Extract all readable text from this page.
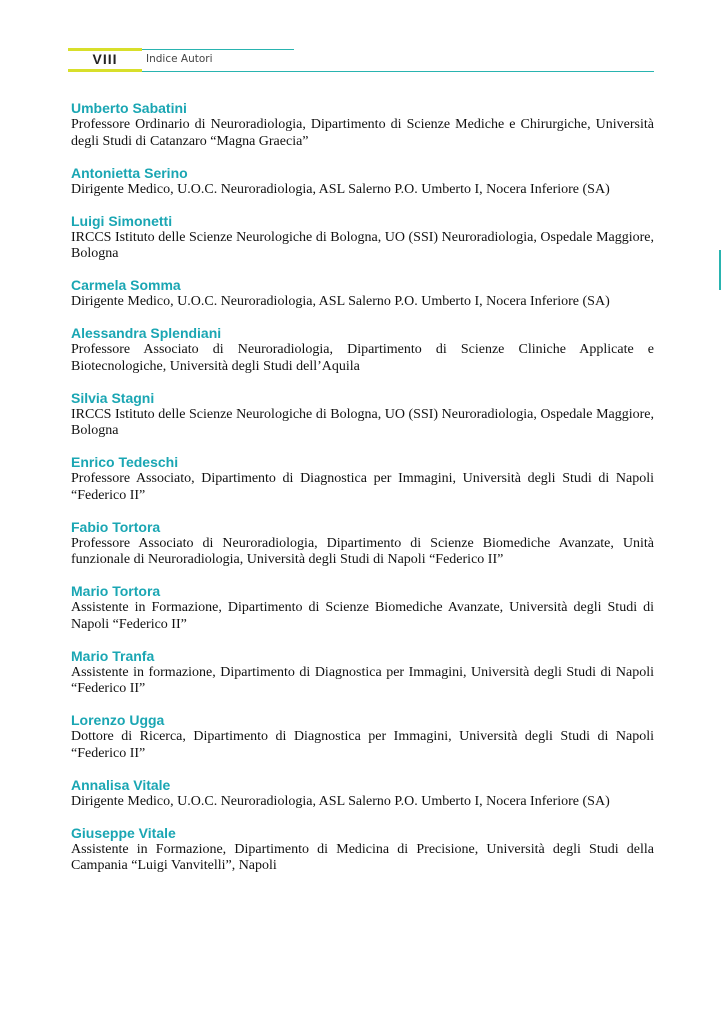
VIII	Indice Autori

Umberto Sabatini

Professore Ordinario di Neuroradiologia, Dipartimento di Scienze Mediche e Chirurgiche, Università degli Studi di Catanzaro “Magna Graecia”

Antonietta Serino

Dirigente Medico, U.O.C. Neuroradiologia, ASL Salerno P.O. Umberto I, Nocera Inferiore (SA)

Luigi Simonetti

IRCCS Istituto delle Scienze Neurologiche di Bologna, UO (SSI) Neuroradiologia, Ospedale Maggiore, Bologna

Carmela Somma

Dirigente Medico, U.O.C. Neuroradiologia, ASL Salerno P.O. Umberto I, Nocera Inferiore (SA)

Alessandra Splendiani

Professore Associato di Neuroradiologia, Dipartimento di Scienze Cliniche Applicate e Biotecnologiche, Università degli Studi dell’Aquila

Silvia Stagni

IRCCS Istituto delle Scienze Neurologiche di Bologna, UO (SSI) Neuroradiologia, Ospedale Maggiore, Bologna

Enrico Tedeschi

Professore Associato, Dipartimento di Diagnostica per Immagini, Università degli Studi di Napoli “Federico II”

Fabio Tortora

Professore Associato di Neuroradiologia, Dipartimento di Scienze Biomediche Avanzate, Unità funzionale di Neuroradiologia, Università degli Studi di Napoli “Federico II”

Mario Tortora

Assistente in Formazione, Dipartimento di Scienze Biomediche Avanzate, Università degli Studi di Napoli “Federico II”

Mario Tranfa

Assistente in formazione, Dipartimento di Diagnostica per Immagini, Università degli Studi di Napoli “Federico II”

Lorenzo Ugga

Dottore di Ricerca, Dipartimento di Diagnostica per Immagini, Università degli Studi di Napoli “Federico II”

Annalisa Vitale

Dirigente Medico, U.O.C. Neuroradiologia, ASL Salerno P.O. Umberto I, Nocera Inferiore (SA)

Giuseppe Vitale

Assistente in Formazione, Dipartimento di Medicina di Precisione, Università degli Studi della Campania “Luigi Vanvitelli”, Napoli
